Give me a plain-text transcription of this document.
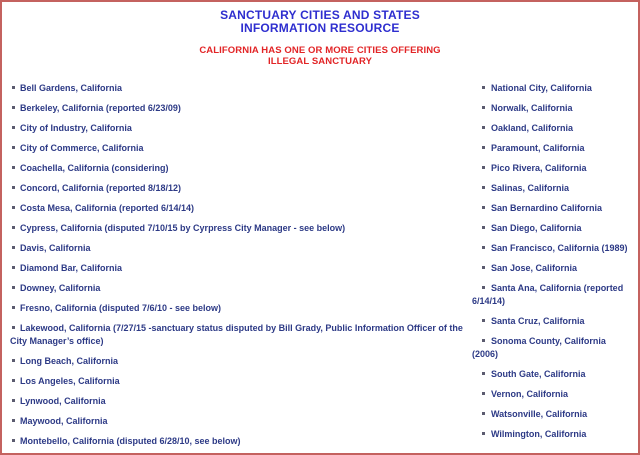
SANCTUARY CITIES AND STATES
INFORMATION RESOURCE
CALIFORNIA HAS ONE OR MORE CITIES OFFERING
ILLEGAL SANCTUARY
Bell Gardens, California
Berkeley, California (reported 6/23/09)
City of Industry, California
City of Commerce, California
Coachella, California (considering)
Concord, California (reported 8/18/12)
Costa Mesa, California (reported 6/14/14)
Cypress, California (disputed 7/10/15 by Cyrpress City Manager - see below)
Davis, California
Diamond Bar, California
Downey, California
Fresno, California (disputed 7/6/10 - see below)
Lakewood, California (7/27/15 -sanctuary status disputed by Bill Grady, Public Information Officer of the City Manager’s office)
Long Beach, California
Los Angeles, California
Lynwood, California
Maywood, California
Montebello, California (disputed 6/28/10, see below)
National City, California
Norwalk, California
Oakland, California
Paramount, California
Pico Rivera, California
Salinas, California
San Bernardino California
San Diego, California
San Francisco, California (1989)
San Jose, California
Santa Ana, California (reported 6/14/14)
Santa Cruz, California
Sonoma County, California (2006)
South Gate, California
Vernon, California
Watsonville, California
Wilmington, California
